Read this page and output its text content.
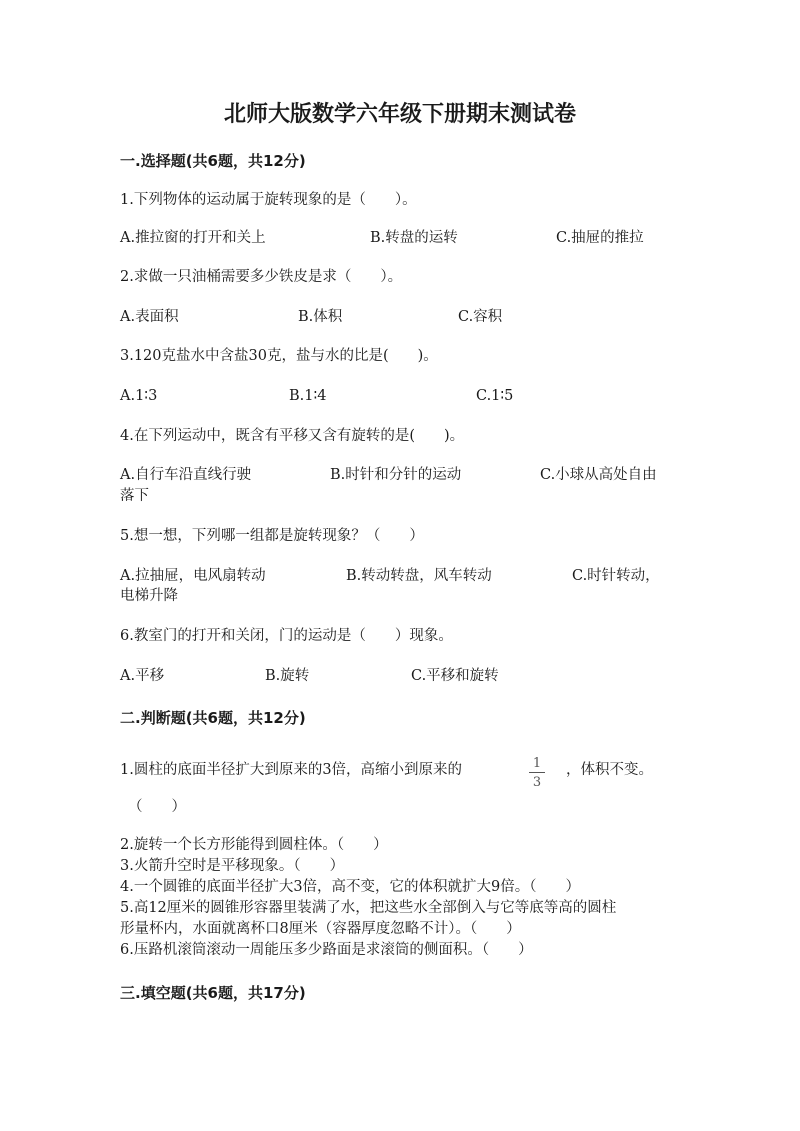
北师大版数学六年级下册期末测试卷
一.选择题(共6题，共12分)
1.下列物体的运动属于旋转现象的是（　　）。
A.推拉窗的打开和关上	B.转盘的运转	C.抽屉的推拉
2.求做一只油桶需要多少铁皮是求（　　）。
A.表面积	B.体积	C.容积
3.120克盐水中含盐30克，盐与水的比是(　　)。
A.1∶3	B.1∶4	C.1∶5
4.在下列运动中，既含有平移又含有旋转的是(　　)。
A.自行车沿直线行驶	B.时针和分针的运动	C.小球从高处自由
落下
5.想一想，下列哪一组都是旋转现象？（　　）
A.拉抽屉，电风扇转动	B.转动转盘，风车转动	C.时针转动，
电梯升降
6.教室门的打开和关闭，门的运动是（　　）现象。
A.平移	B.旋转	C.平移和旋转
二.判断题(共6题，共12分)
1.圆柱的底面半径扩大到原来的3倍，高缩小到原来的	1
3
，体积不变。
（　　）
2.旋转一个长方形能得到圆柱体。（　　）
3.火箭升空时是平移现象。（　　）
4.一个圆锥的底面半径扩大3倍，高不变，它的体积就扩大9倍。（　　）
5.高12厘米的圆锥形容器里装满了水，把这些水全部倒入与它等底等高的圆柱
形量杯内，水面就离杯口8厘米（容器厚度忽略不计）。（　　）
6.压路机滚筒滚动一周能压多少路面是求滚筒的侧面积。（　　）
三.填空题(共6题，共17分)
